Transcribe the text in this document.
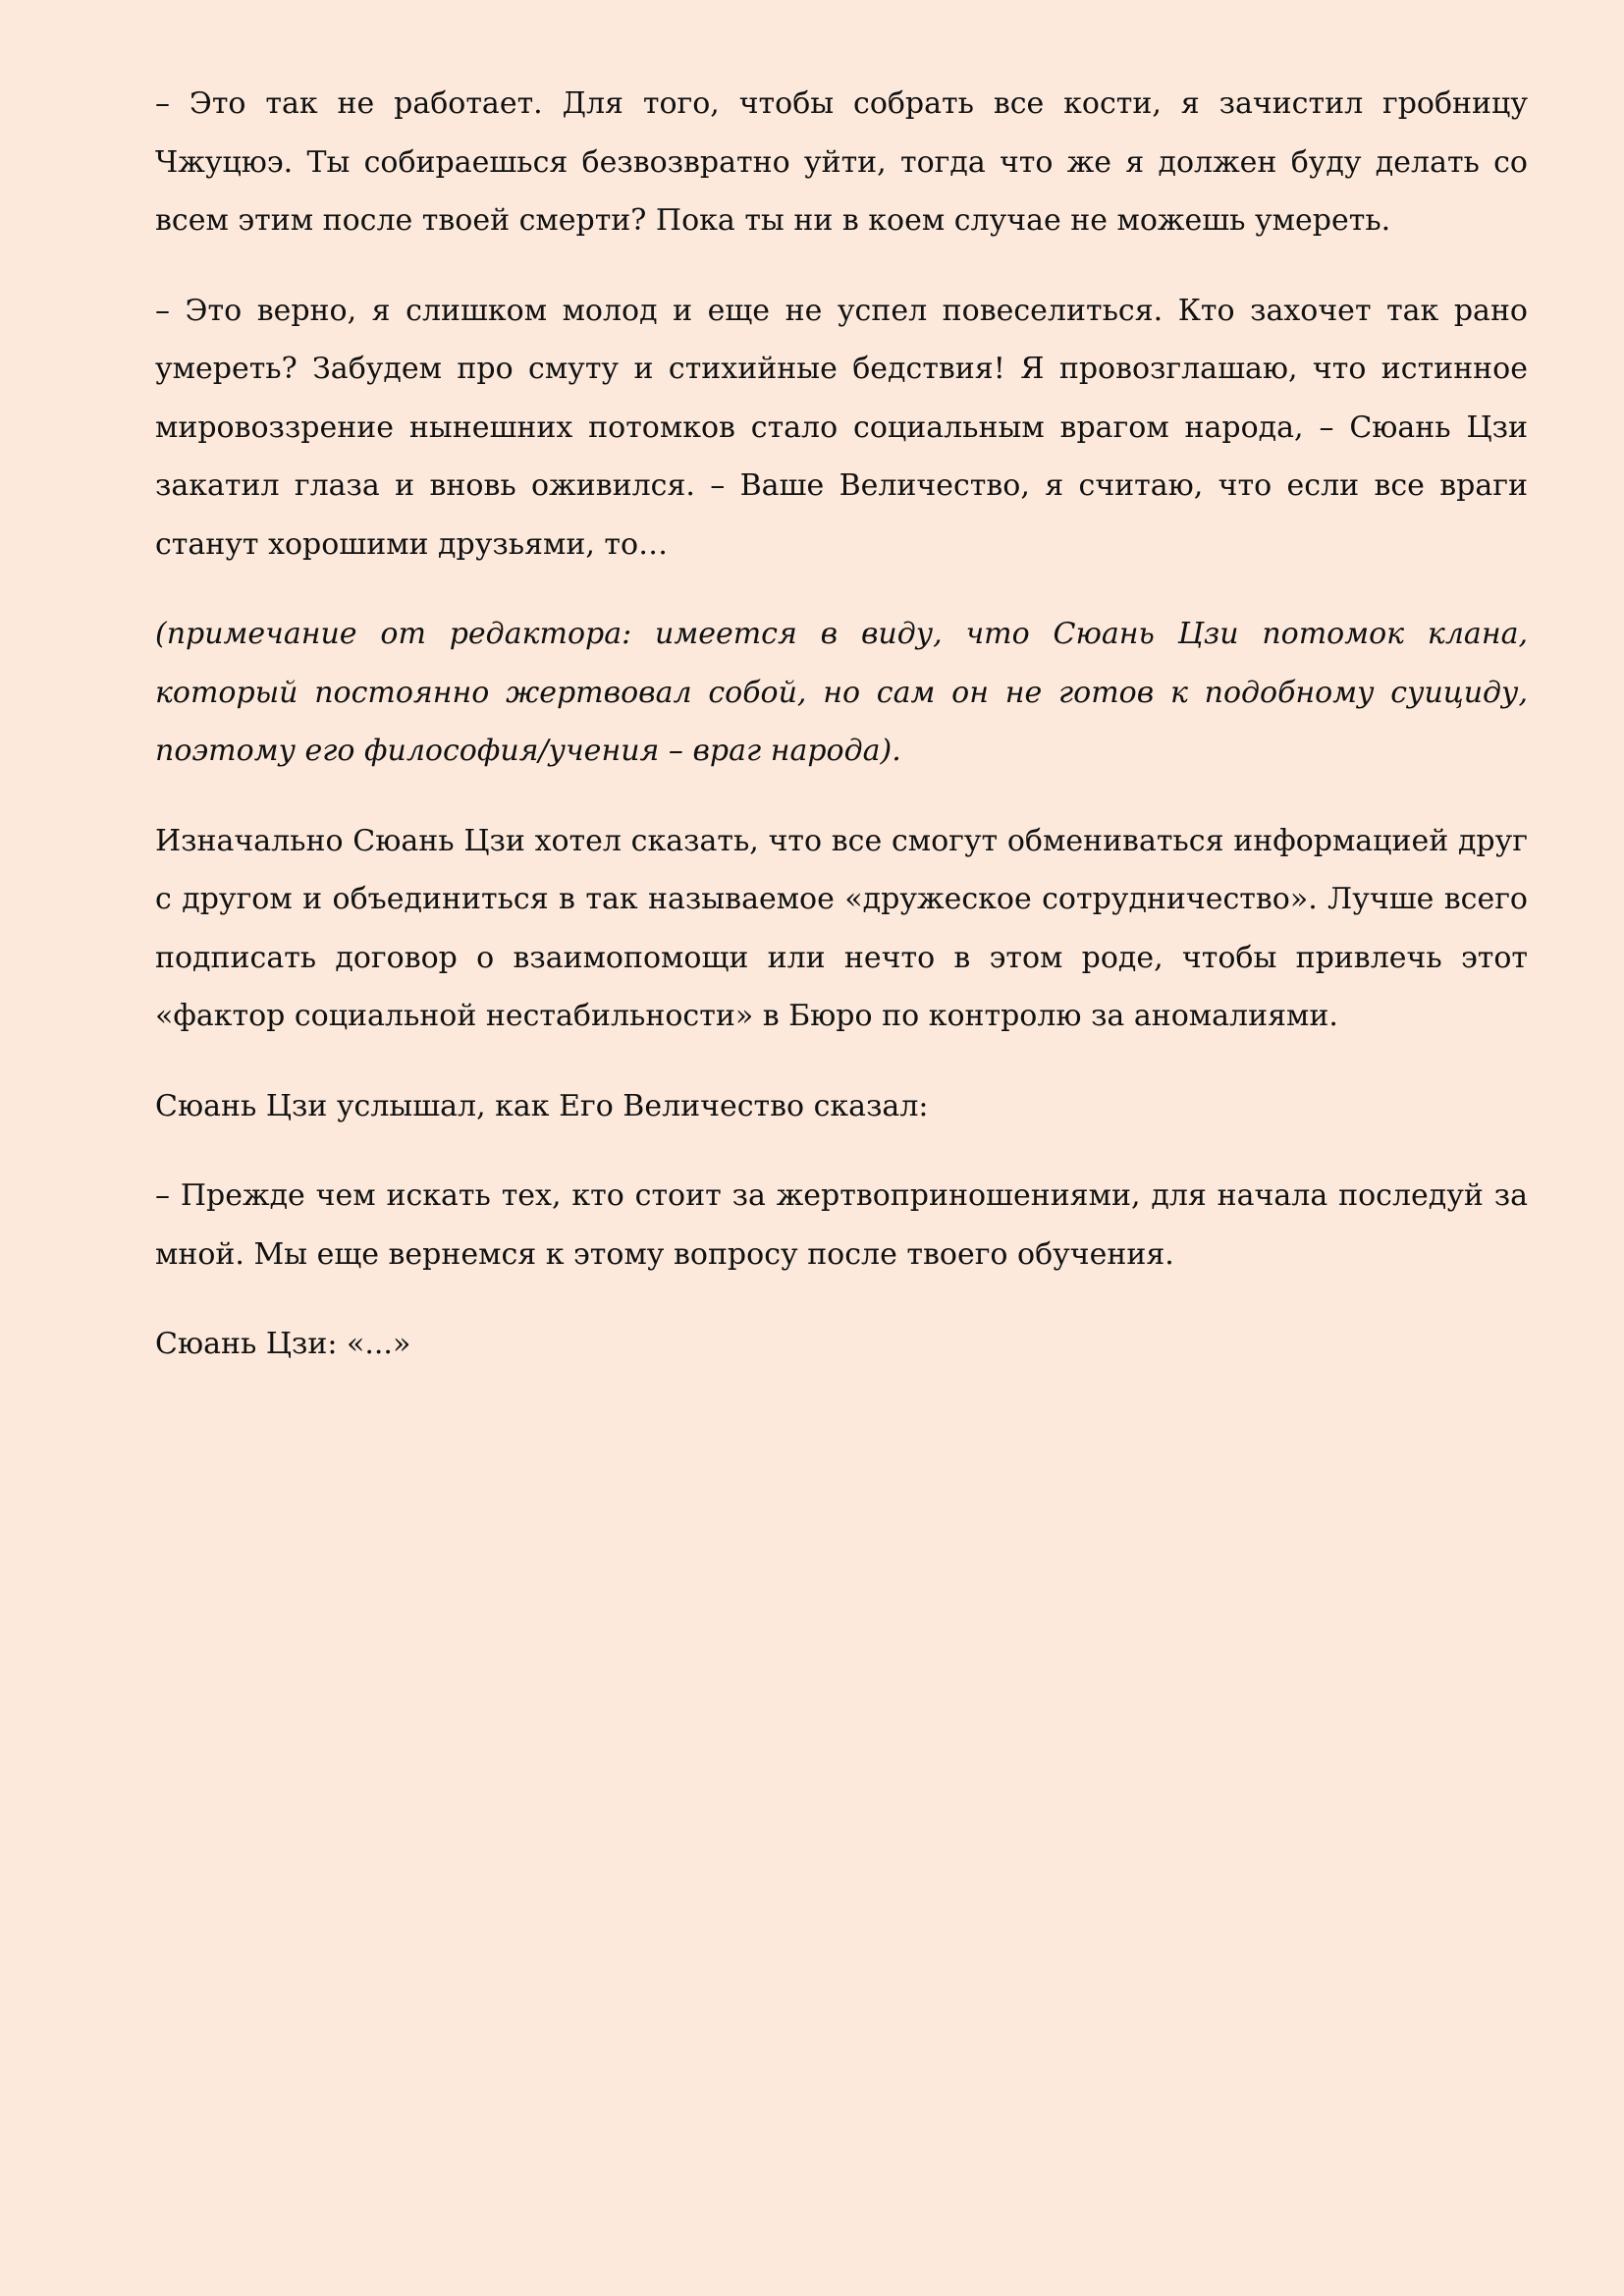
– Это так не работает. Для того, чтобы собрать все кости, я зачистил гробницу Чжуцюэ. Ты собираешься безвозвратно уйти, тогда что же я должен буду делать со всем этим после твоей смерти? Пока ты ни в коем случае не можешь умереть.

– Это верно, я слишком молод и еще не успел повеселиться. Кто захочет так рано умереть? Забудем про смуту и стихийные бедствия! Я провозглашаю, что истинное мировоззрение нынешних потомков стало социальным врагом народа, – Сюань Цзи закатил глаза и вновь оживился. – Ваше Величество, я считаю, что если все враги станут хорошими друзьями, то…

(примечание от редактора: имеется в виду, что Сюань Цзи потомок клана, который постоянно жертвовал собой, но сам он не готов к подобному суициду, поэтому его философия/учения – враг народа).

Изначально Сюань Цзи хотел сказать, что все смогут обмениваться информацией друг с другом и объединиться в так называемое «дружеское сотрудничество». Лучше всего подписать договор о взаимопомощи или нечто в этом роде, чтобы привлечь этот «фактор социальной нестабильности» в Бюро по контролю за аномалиями.

Сюань Цзи услышал, как Его Величество сказал:

– Прежде чем искать тех, кто стоит за жертвоприношениями, для начала последуй за мной. Мы еще вернемся к этому вопросу после твоего обучения.

Сюань Цзи: «...»
